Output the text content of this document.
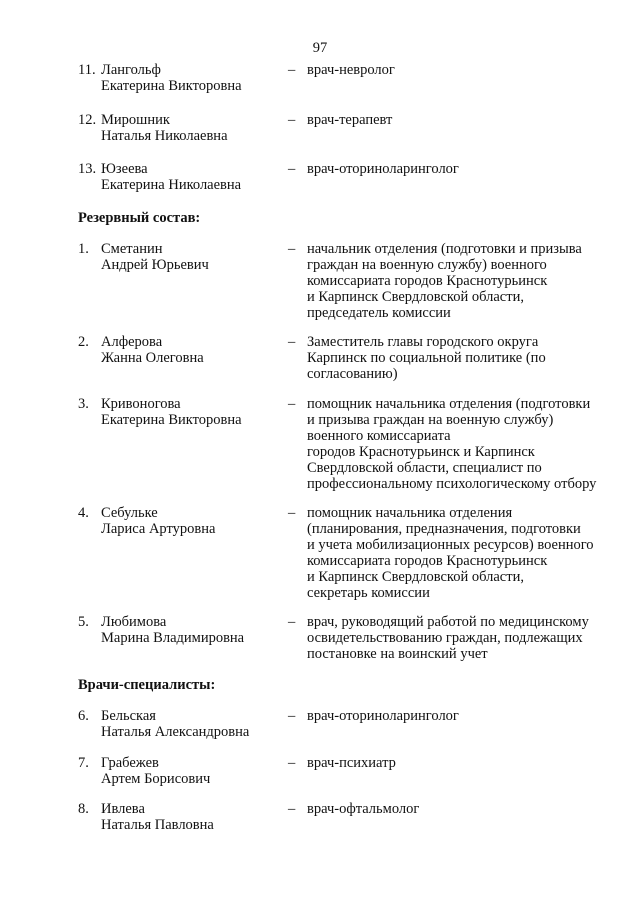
97
11. Лангольф
Екатерина Викторовна
– врач-невролог
12. Мирошник
Наталья Николаевна
– врач-терапевт
13. Юзеева
Екатерина Николаевна
– врач-оториноларинголог
Резервный состав:
1. Сметанин
Андрей Юрьевич
– начальник отделения (подготовки и призыва
граждан на военную службу) военного
комиссариата городов Краснотурьинск
и Карпинск Свердловской области,
председатель комиссии
2. Алферова
Жанна Олеговна
– Заместитель главы городского округа
Карпинск по социальной политике (по
согласованию)
3. Кривоногова
Екатерина Викторовна
– помощник начальника отделения (подготовки
и призыва граждан на военную службу)
военного комиссариата
городов Краснотурьинск и Карпинск
Свердловской области, специалист по
профессиональному психологическому отбору
4. Себульке
Лариса Артуровна
– помощник начальника отделения
(планирования, предназначения, подготовки
и учета мобилизационных ресурсов) военного
комиссариата городов Краснотурьинск
и Карпинск Свердловской области,
секретарь комиссии
5. Любимова
Марина Владимировна
– врач, руководящий работой по медицинскому
освидетельствованию граждан, подлежащих
постановке на воинский учет
Врачи-специалисты:
6. Бельская
Наталья Александровна
– врач-оториноларинголог
7. Грабежев
Артем Борисович
– врач-психиатр
8. Ивлева
Наталья Павловна
– врач-офтальмолог
